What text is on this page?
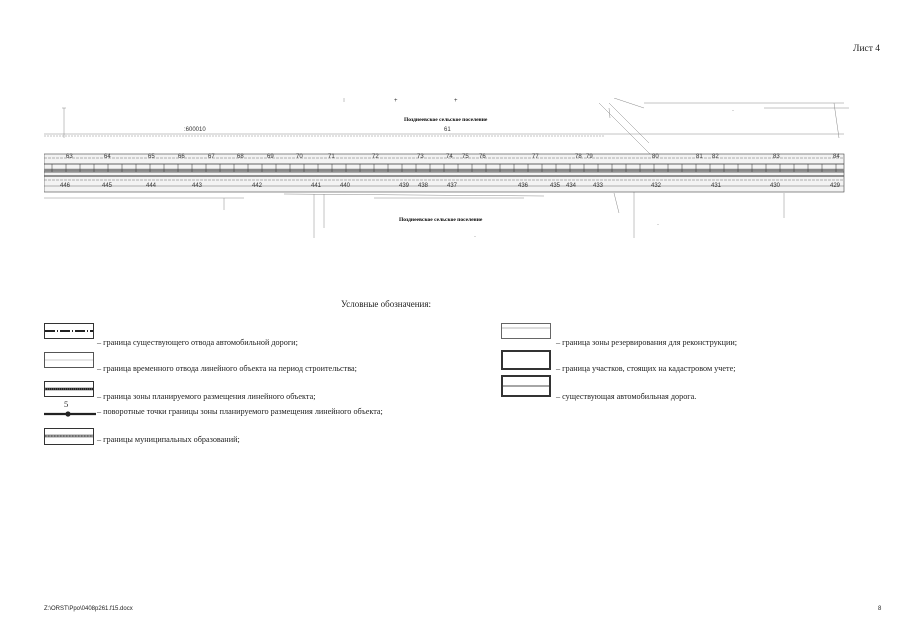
Лист 4
+	+
·
·
·
Позднеевское сельское поселение
Позднеевское сельское поселение
:600010	61
63	64	65	66	67	68	69	70	71	72	73	74 75 76	77	78 79	80	81 82	83	84
446	445	444	443	442	441	440	439 438	437	436	435 434	433	432	431	430	429
Условные обозначения:
5
– граница существующего отвода автомобильной дороги;
– граница временного отвода линейного объекта на период строительства;
– граница зоны планируемого размещения линейного объекта;
– поворотные точки границы зоны планируемого размещения линейного объекта;
– границы муниципальных образований;
– граница зоны резервирования для реконструкции;
– граница участков, стоящих на кадастровом учете;
– существующая автомобильная дорога.
Z:\ORST\Ppo\0408p261.f15.docx	8
